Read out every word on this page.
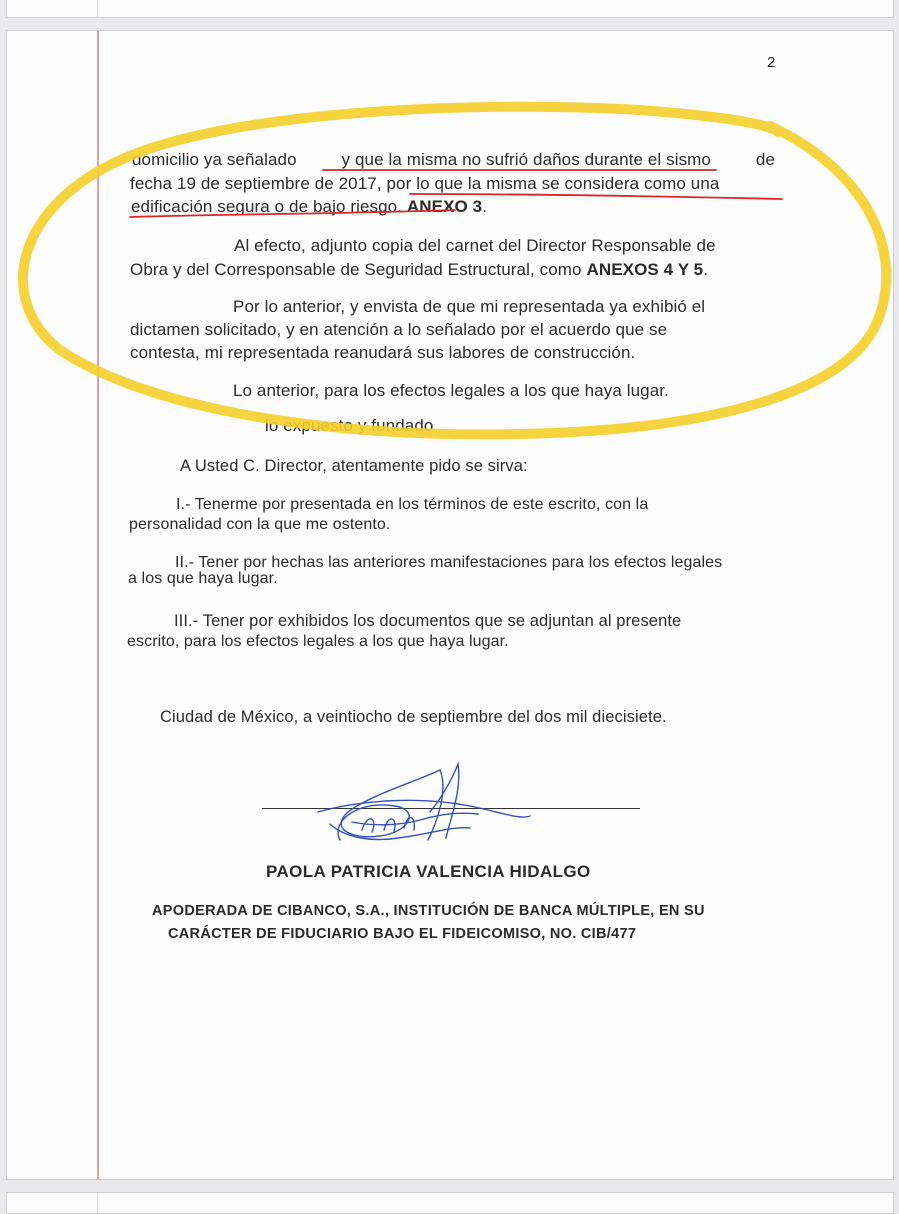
2
domicilio ya señalado	y que la misma no sufrió daños durante el sismo	de
fecha 19 de septiembre de 2017, por lo que la misma se considera como una
edificación segura o de bajo riesgo. ANEXO 3.
Al efecto, adjunto copia del carnet del Director Responsable de
Obra y del Corresponsable de Seguridad Estructural, como ANEXOS 4 Y 5.
Por lo anterior, y envista de que mi representada ya exhibió el
dictamen solicitado, y en atención a lo señalado por el acuerdo que se
contesta, mi representada reanudará sus labores de construcción.
Lo anterior, para los efectos legales a los que haya lugar.
lo expuesto y fundado
A Usted C. Director, atentamente pido se sirva:
I.- Tenerme por presentada en los términos de este escrito, con la
personalidad con la que me ostento.
II.- Tener por hechas las anteriores manifestaciones para los efectos legales
a los que haya lugar.
III.- Tener por exhibidos los documentos que se adjuntan al presente
escrito, para los efectos legales a los que haya lugar.
Ciudad de México, a veintiocho de septiembre del dos mil diecisiete.
PAOLA PATRICIA VALENCIA HIDALGO
APODERADA DE CIBANCO, S.A., INSTITUCIÓN DE BANCA MÚLTIPLE, EN SU
CARÁCTER DE FIDUCIARIO BAJO EL FIDEICOMISO, NO. CIB/477
